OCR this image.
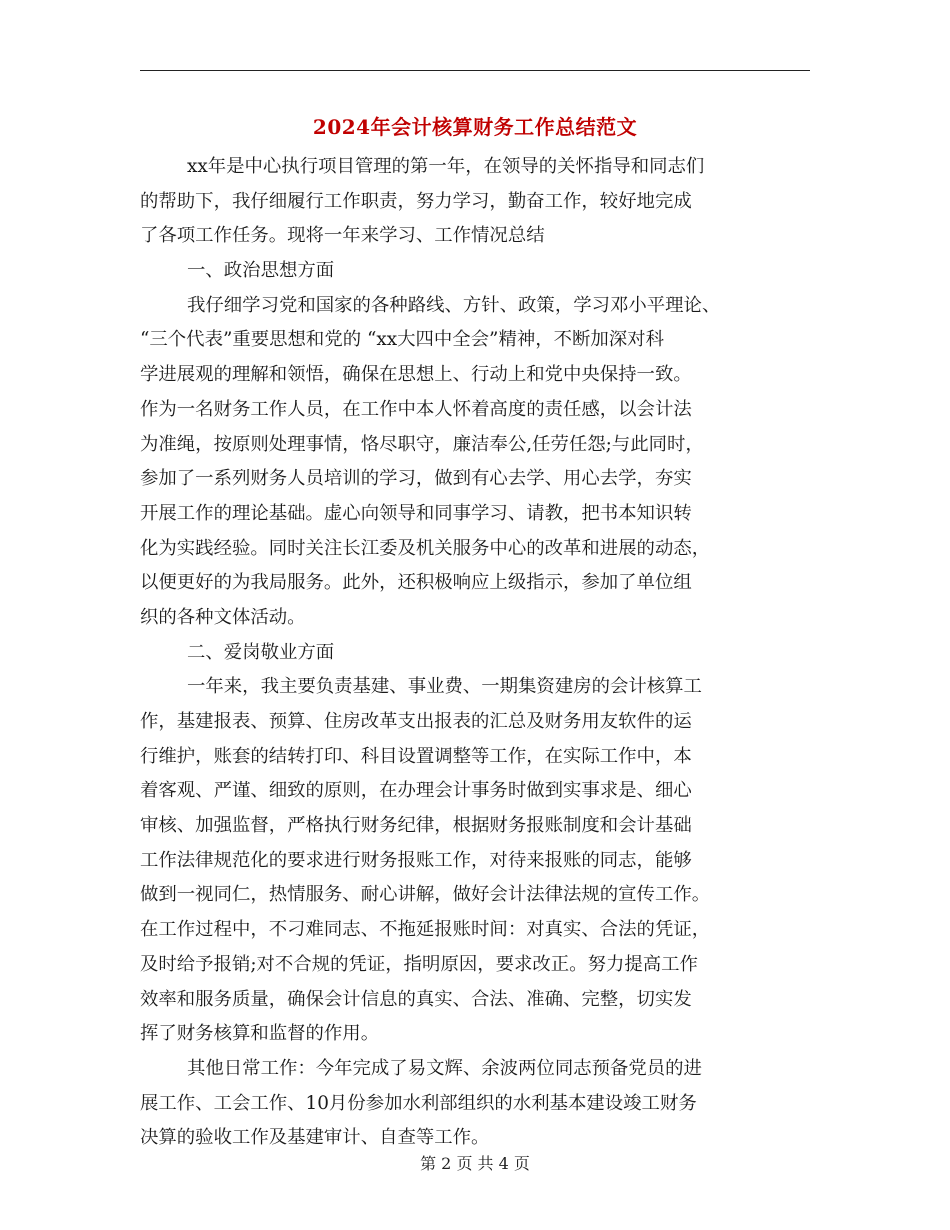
2024年会计核算财务工作总结范文
xx年是中心执行项目管理的第一年，在领导的关怀指导和同志们
的帮助下，我仔细履行工作职责，努力学习，勤奋工作，较好地完成
了各项工作任务。现将一年来学习、工作情况总结
一、政治思想方面
我仔细学习党和国家的各种路线、方针、政策，学习邓小平理论、
“三个代表”重要思想和党的 “xx大四中全会”精神，不断加深对科
学进展观的理解和领悟，确保在思想上、行动上和党中央保持一致。
作为一名财务工作人员，在工作中本人怀着高度的责任感，以会计法
为准绳，按原则处理事情，恪尽职守，廉洁奉公,任劳任怨;与此同时，
参加了一系列财务人员培训的学习，做到有心去学、用心去学，夯实
开展工作的理论基础。虚心向领导和同事学习、请教，把书本知识转
化为实践经验。同时关注长江委及机关服务中心的改革和进展的动态，
以便更好的为我局服务。此外，还积极响应上级指示，参加了单位组
织的各种文体活动。
二、爱岗敬业方面
一年来，我主要负责基建、事业费、一期集资建房的会计核算工
作，基建报表、预算、住房改革支出报表的汇总及财务用友软件的运
行维护，账套的结转打印、科目设置调整等工作，在实际工作中，本
着客观、严谨、细致的原则，在办理会计事务时做到实事求是、细心
审核、加强监督，严格执行财务纪律，根据财务报账制度和会计基础
工作法律规范化的要求进行财务报账工作，对待来报账的同志，能够
做到一视同仁，热情服务、耐心讲解，做好会计法律法规的宣传工作。
在工作过程中，不刁难同志、不拖延报账时间：对真实、合法的凭证，
及时给予报销;对不合规的凭证，指明原因，要求改正。努力提高工作
效率和服务质量，确保会计信息的真实、合法、准确、完整，切实发
挥了财务核算和监督的作用。
其他日常工作：今年完成了易文辉、余波两位同志预备党员的进
展工作、工会工作、10月份参加水利部组织的水利基本建设竣工财务
决算的验收工作及基建审计、自查等工作。
第 2 页 共 4 页
